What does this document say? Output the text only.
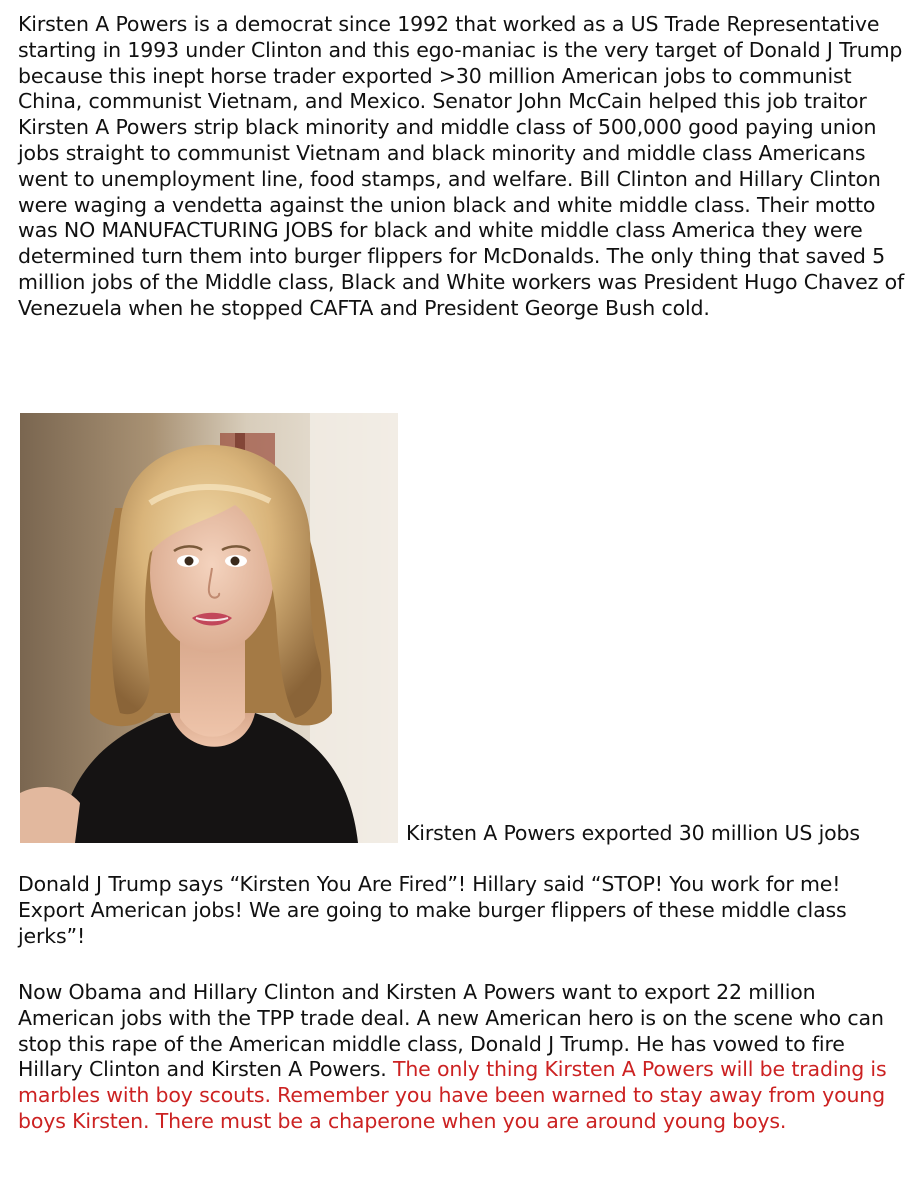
Kirsten A Powers is a democrat since 1992 that worked as a US Trade Representative starting in 1993 under Clinton and this ego-maniac is the very target of Donald J Trump because this inept horse trader exported >30 million American jobs to communist China, communist Vietnam, and Mexico. Senator John McCain helped this job traitor Kirsten A Powers strip black minority and middle class of 500,000 good paying union jobs straight to communist Vietnam and black minority and middle class Americans went to unemployment line, food stamps, and welfare. Bill Clinton and Hillary Clinton were waging a vendetta against the union black and white middle class. Their motto was NO MANUFACTURING JOBS for black and white middle class America they were determined turn them into burger flippers for McDonalds. The only thing that saved 5 million jobs of the Middle class, Black and White workers was President Hugo Chavez of Venezuela when he stopped CAFTA and President George Bush cold.
Kirsten A Powers exported 30 million US jobs
Donald J Trump says “Kirsten You Are Fired”! Hillary said “STOP! You work for me! Export American jobs! We are going to make burger flippers of these middle class jerks”!
Now Obama and Hillary Clinton and Kirsten A Powers want to export 22 million American jobs with the TPP trade deal. A new American hero is on the scene who can stop this rape of the American middle class, Donald J Trump. He has vowed to fire Hillary Clinton and Kirsten A Powers. The only thing Kirsten A Powers will be trading is marbles with boy scouts. Remember you have been warned to stay away from young boys Kirsten. There must be a chaperone when you are around young boys.
